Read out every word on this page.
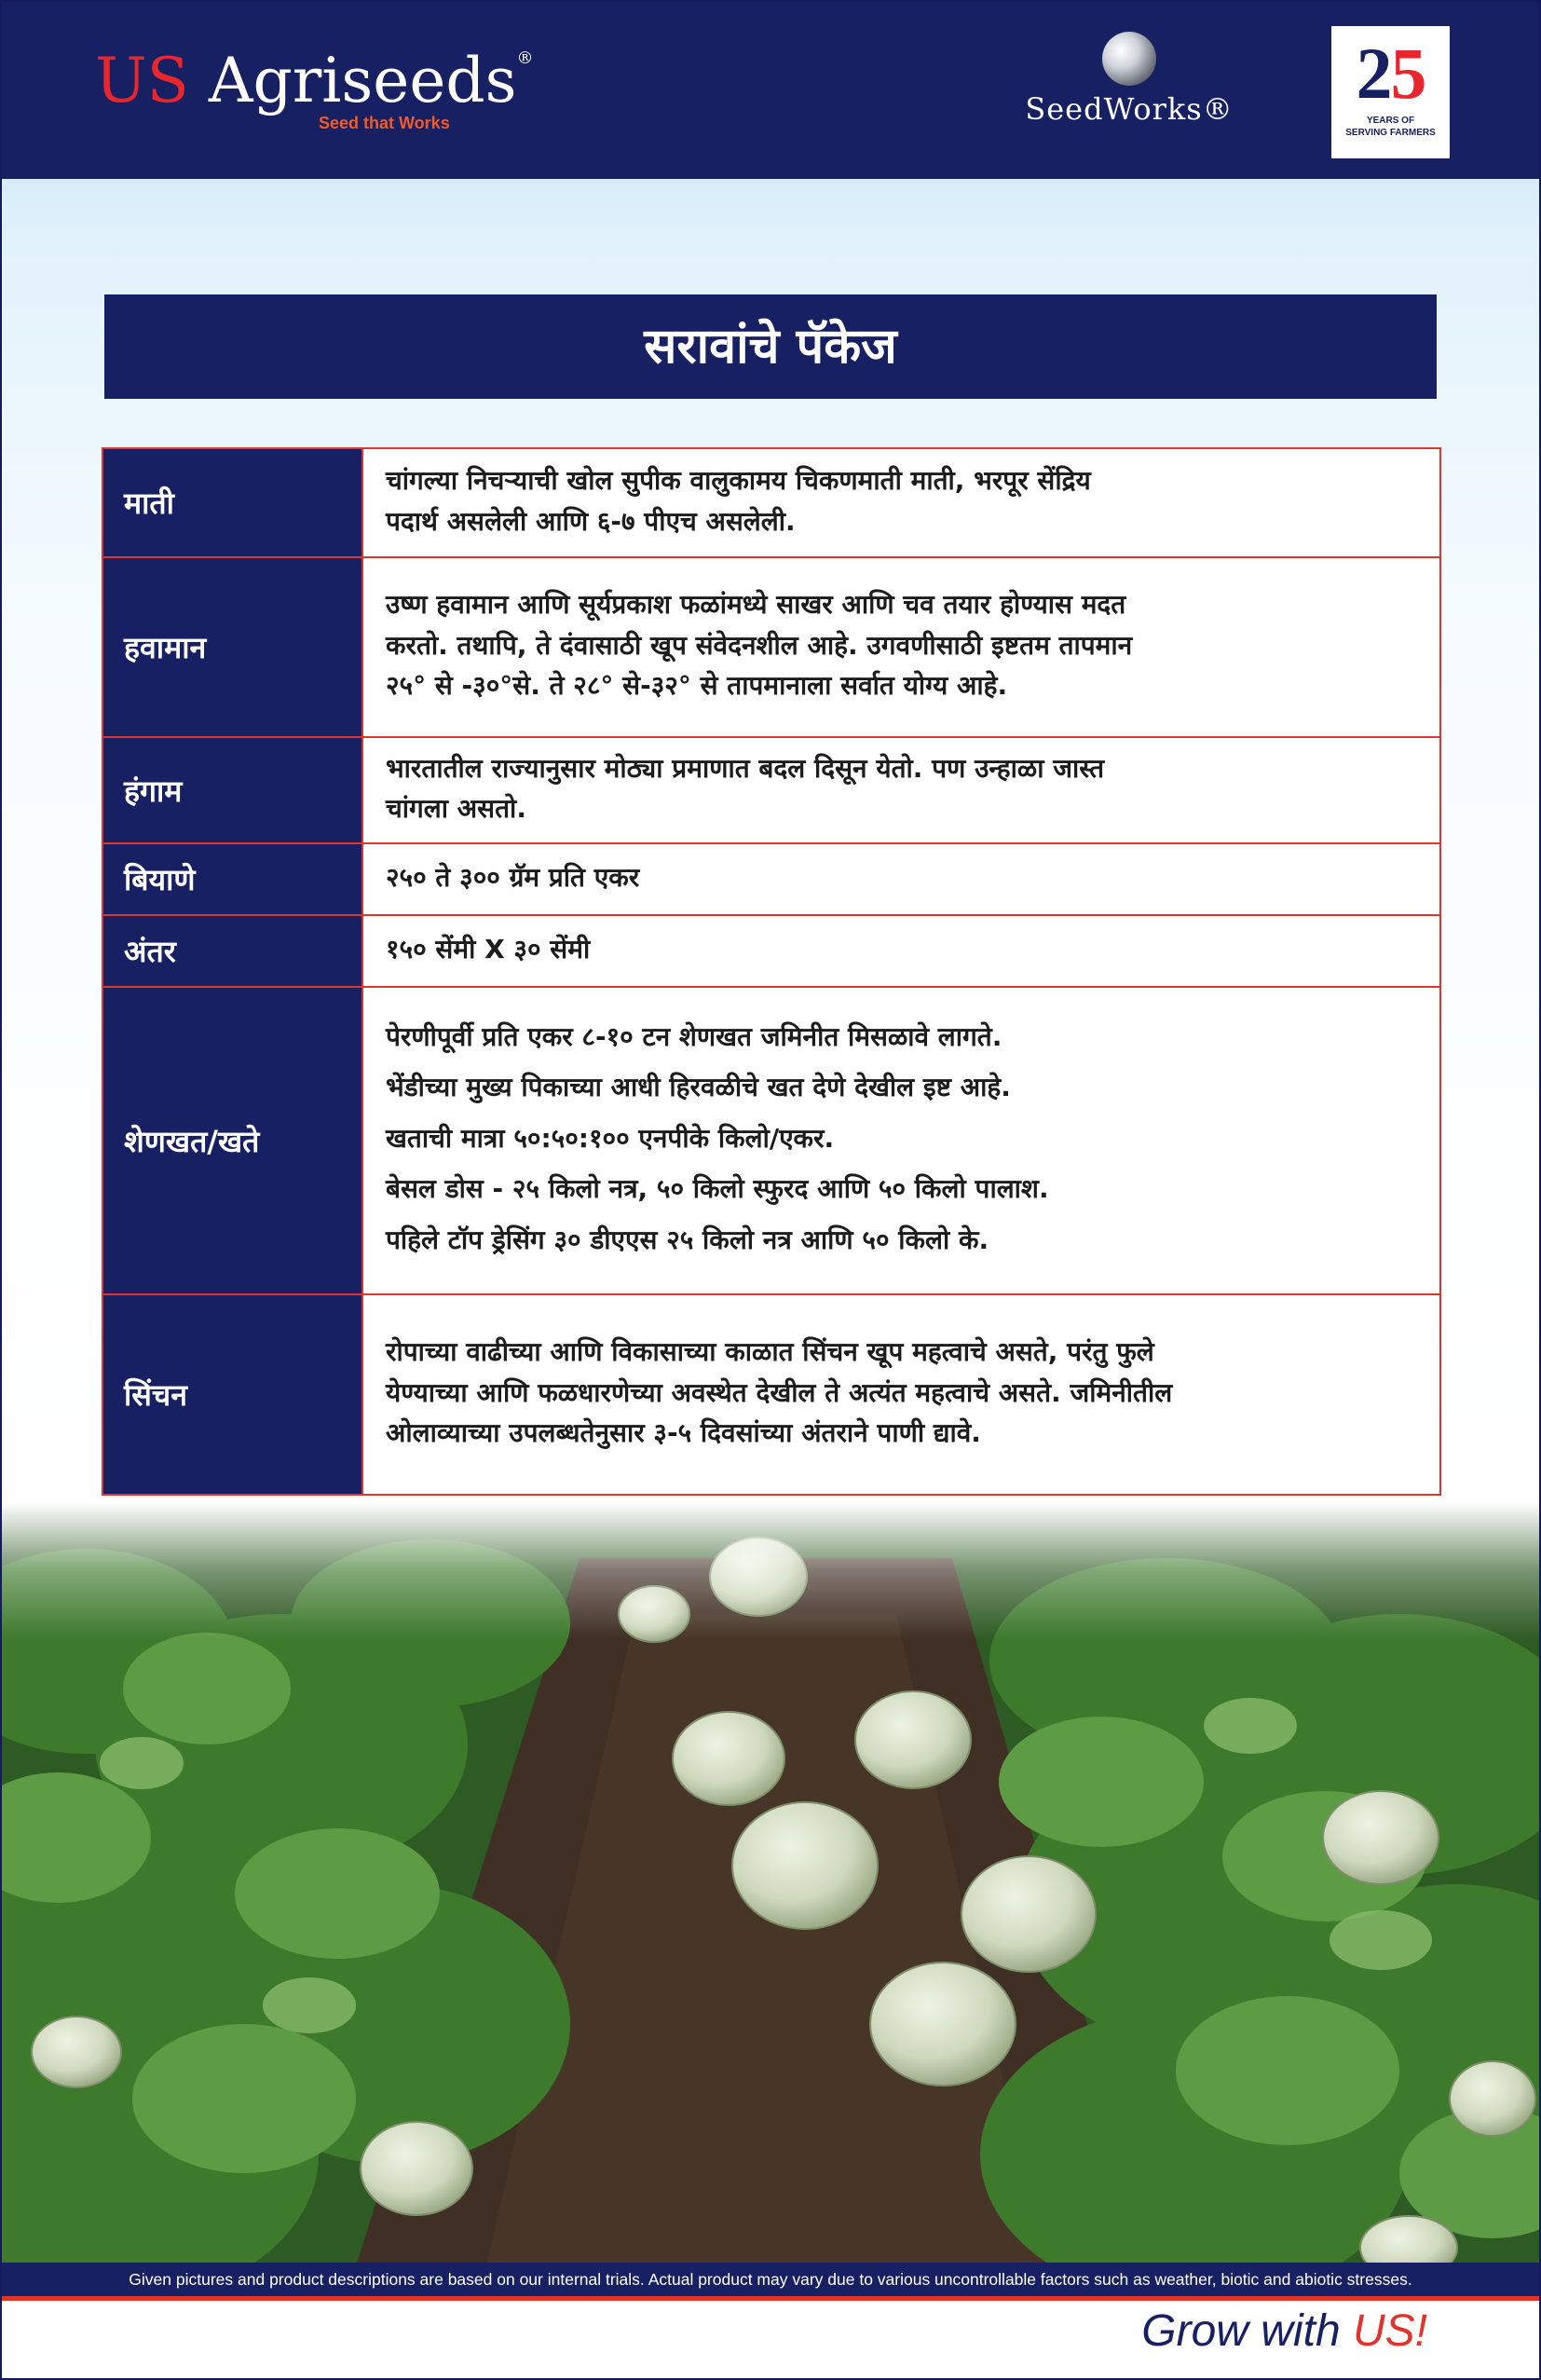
US Agriseeds®
Seed that Works	SeedWorks®	25
YEARS OF
SERVING FARMERS
सरावांचे पॅकेज
माती	चांगल्या निचऱ्याची खोल सुपीक वालुकामय चिकणमाती माती, भरपूर सेंद्रिय
पदार्थ असलेली आणि ६-७ पीएच असलेली.

हवामान	उष्ण हवामान आणि सूर्यप्रकाश फळांमध्ये साखर आणि चव तयार होण्यास मदत
करतो. तथापि, ते दंवासाठी खूप संवेदनशील आहे. उगवणीसाठी इष्टतम तापमान
२५° से -३०°से. ते २८° से-३२° से तापमानाला सर्वात योग्य आहे.

हंगाम	भारतातील राज्यानुसार मोठ्या प्रमाणात बदल दिसून येतो. पण उन्हाळा जास्त
चांगला असतो.

बियाणे	२५० ते ३०० ग्रॅम प्रति एकर

अंतर	१५० सेंमी X ३० सेंमी

शेणखत/खते	पेरणीपूर्वी प्रति एकर ८-१० टन शेणखत जमिनीत मिसळावे लागते.
भेंडीच्या मुख्य पिकाच्या आधी हिरवळीचे खत देणे देखील इष्ट आहे.
खताची मात्रा ५०:५०:१०० एनपीके किलो/एकर.
बेसल डोस - २५ किलो नत्र, ५० किलो स्फुरद आणि ५० किलो पालाश.
पहिले टॉप ड्रेसिंग ३० डीएएस २५ किलो नत्र आणि ५० किलो के.

सिंचन	रोपाच्या वाढीच्या आणि विकासाच्या काळात सिंचन खूप महत्वाचे असते, परंतु फुले
येण्याच्या आणि फळधारणेच्या अवस्थेत देखील ते अत्यंत महत्वाचे असते. जमिनीतील
ओलाव्याच्या उपलब्धतेनुसार ३-५ दिवसांच्या अंतराने पाणी द्यावे.
Given pictures and product descriptions are based on our internal trials. Actual product may vary due to various uncontrollable factors such as weather, biotic and abiotic stresses.
Grow with US!
